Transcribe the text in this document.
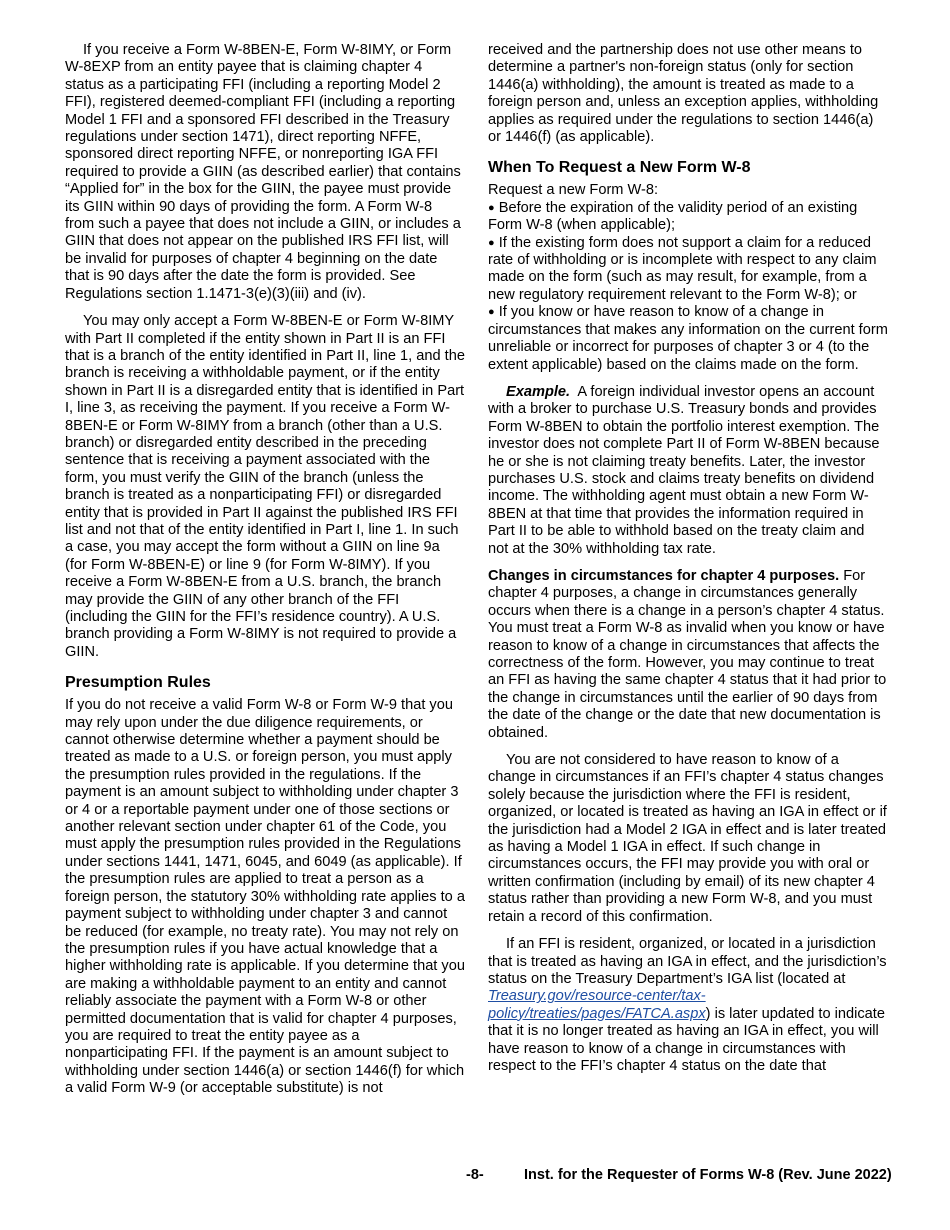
If you receive a Form W-8BEN-E, Form W-8IMY, or Form W-8EXP from an entity payee that is claiming chapter 4 status as a participating FFI (including a reporting Model 2 FFI), registered deemed-compliant FFI (including a reporting Model 1 FFI and a sponsored FFI described in the Treasury regulations under section 1471), direct reporting NFFE, sponsored direct reporting NFFE, or nonreporting IGA FFI required to provide a GIIN (as described earlier) that contains “Applied for” in the box for the GIIN, the payee must provide its GIIN within 90 days of providing the form. A Form W-8 from such a payee that does not include a GIIN, or includes a GIIN that does not appear on the published IRS FFI list, will be invalid for purposes of chapter 4 beginning on the date that is 90 days after the date the form is provided. See Regulations section 1.1471-3(e)(3)(iii) and (iv).

You may only accept a Form W-8BEN-E or Form W-8IMY with Part II completed if the entity shown in Part II is an FFI that is a branch of the entity identified in Part II, line 1, and the branch is receiving a withholdable payment, or if the entity shown in Part II is a disregarded entity that is identified in Part I, line 3, as receiving the payment. If you receive a Form W-8BEN-E or Form W-8IMY from a branch (other than a U.S. branch) or disregarded entity described in the preceding sentence that is receiving a payment associated with the form, you must verify the GIIN of the branch (unless the branch is treated as a nonparticipating FFI) or disregarded entity that is provided in Part II against the published IRS FFI list and not that of the entity identified in Part I, line 1. In such a case, you may accept the form without a GIIN on line 9a (for Form W-8BEN-E) or line 9 (for Form W-8IMY). If you receive a Form W-8BEN-E from a U.S. branch, the branch may provide the GIIN of any other branch of the FFI (including the GIIN for the FFI’s residence country). A U.S. branch providing a Form W-8IMY is not required to provide a GIIN.

Presumption Rules

If you do not receive a valid Form W-8 or Form W-9 that you may rely upon under the due diligence requirements, or cannot otherwise determine whether a payment should be treated as made to a U.S. or foreign person, you must apply the presumption rules provided in the regulations. If the payment is an amount subject to withholding under chapter 3 or 4 or a reportable payment under one of those sections or another relevant section under chapter 61 of the Code, you must apply the presumption rules provided in the Regulations under sections 1441, 1471, 6045, and 6049 (as applicable). If the presumption rules are applied to treat a person as a foreign person, the statutory 30% withholding rate applies to a payment subject to withholding under chapter 3 and cannot be reduced (for example, no treaty rate). You may not rely on the presumption rules if you have actual knowledge that a higher withholding rate is applicable. If you determine that you are making a withholdable payment to an entity and cannot reliably associate the payment with a Form W-8 or other permitted documentation that is valid for chapter 4 purposes, you are required to treat the entity payee as a nonparticipating FFI. If the payment is an amount subject to withholding under section 1446(a) or section 1446(f) for which a valid Form W-9 (or acceptable substitute) is not

received and the partnership does not use other means to determine a partner's non-foreign status (only for section 1446(a) withholding), the amount is treated as made to a foreign person and, unless an exception applies, withholding applies as required under the regulations to section 1446(a) or 1446(f) (as applicable).

When To Request a New Form W-8

Request a new Form W-8:

● Before the expiration of the validity period of an existing Form W-8 (when applicable);

● If the existing form does not support a claim for a reduced rate of withholding or is incomplete with respect to any claim made on the form (such as may result, for example, from a new regulatory requirement relevant to the Form W-8); or

● If you know or have reason to know of a change in circumstances that makes any information on the current form unreliable or incorrect for purposes of chapter 3 or 4 (to the extent applicable) based on the claims made on the form.

Example. A foreign individual investor opens an account with a broker to purchase U.S. Treasury bonds and provides Form W-8BEN to obtain the portfolio interest exemption. The investor does not complete Part II of Form W-8BEN because he or she is not claiming treaty benefits. Later, the investor purchases U.S. stock and claims treaty benefits on dividend income. The withholding agent must obtain a new Form W-8BEN at that time that provides the information required in Part II to be able to withhold based on the treaty claim and not at the 30% withholding tax rate.

Changes in circumstances for chapter 4 purposes. For chapter 4 purposes, a change in circumstances generally occurs when there is a change in a person’s chapter 4 status. You must treat a Form W-8 as invalid when you know or have reason to know of a change in circumstances that affects the correctness of the form. However, you may continue to treat an FFI as having the same chapter 4 status that it had prior to the change in circumstances until the earlier of 90 days from the date of the change or the date that new documentation is obtained.

You are not considered to have reason to know of a change in circumstances if an FFI’s chapter 4 status changes solely because the jurisdiction where the FFI is resident, organized, or located is treated as having an IGA in effect or if the jurisdiction had a Model 2 IGA in effect and is later treated as having a Model 1 IGA in effect. If such change in circumstances occurs, the FFI may provide you with oral or written confirmation (including by email) of its new chapter 4 status rather than providing a new Form W-8, and you must retain a record of this confirmation.

If an FFI is resident, organized, or located in a jurisdiction that is treated as having an IGA in effect, and the jurisdiction’s status on the Treasury Department’s IGA list (located at Treasury.gov/resource-center/tax-policy/treaties/pages/FATCA.aspx) is later updated to indicate that it is no longer treated as having an IGA in effect, you will have reason to know of a change in circumstances with respect to the FFI’s chapter 4 status on the date that

-8-	Inst. for the Requester of Forms W-8 (Rev. June 2022)
